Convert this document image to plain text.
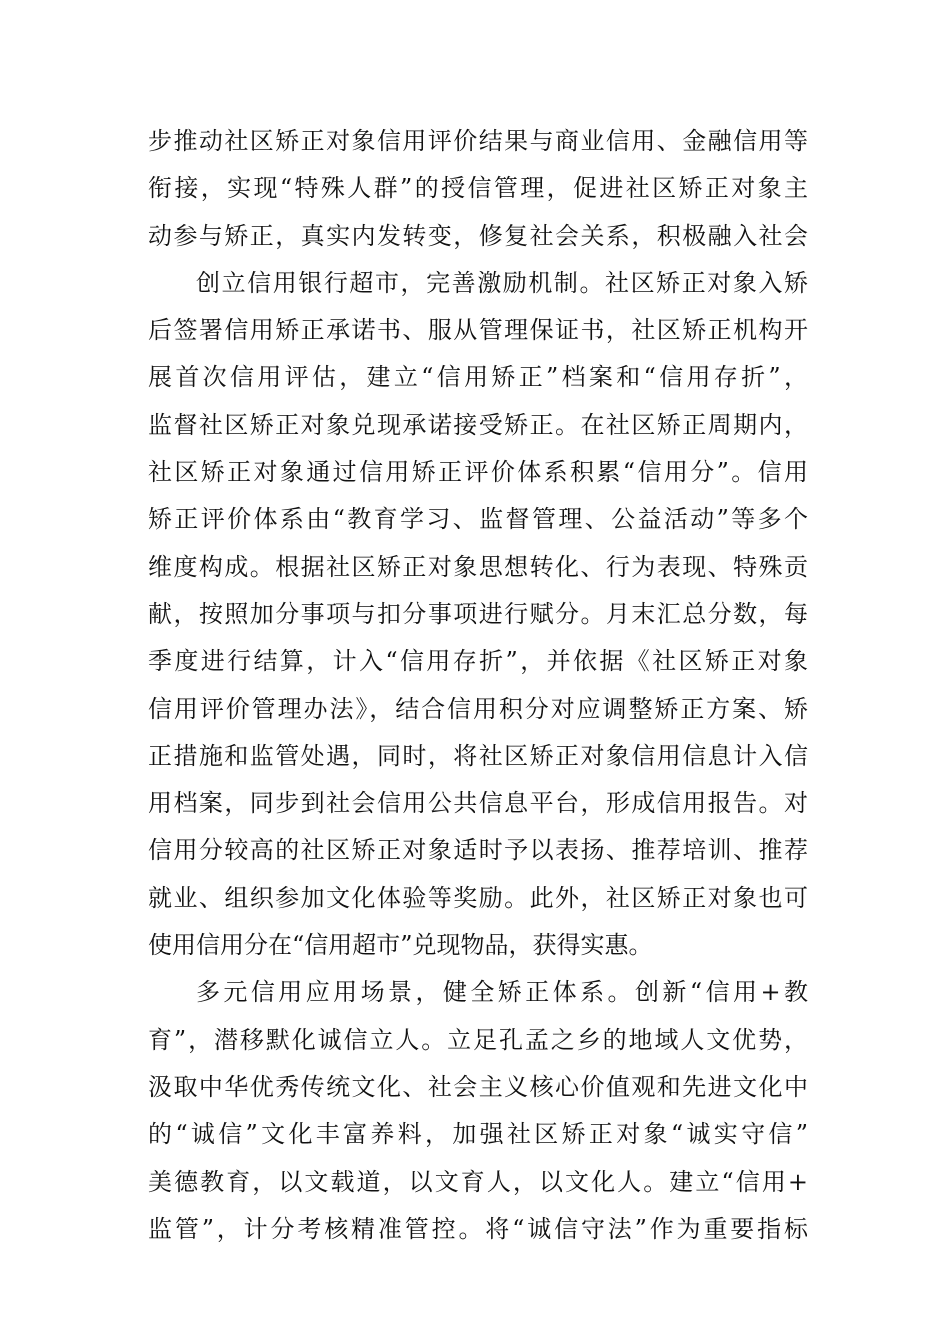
步推动社区矫正对象信用评价结果与商业信用、金融信用等
衔接，实现“特殊人群”的授信管理，促进社区矫正对象主
动参与矫正，真实内发转变，修复社会关系，积极融入社会
创立信用银行超市，完善激励机制。社区矫正对象入矫
后签署信用矫正承诺书、服从管理保证书，社区矫正机构开
展首次信用评估，建立“信用矫正”档案和“信用存折”，
监督社区矫正对象兑现承诺接受矫正。在社区矫正周期内，
社区矫正对象通过信用矫正评价体系积累“信用分”。信用
矫正评价体系由“教育学习、监督管理、公益活动”等多个
维度构成。根据社区矫正对象思想转化、行为表现、特殊贡
献，按照加分事项与扣分事项进行赋分。月末汇总分数，每
季度进行结算，计入“信用存折”，并依据《社区矫正对象
信用评价管理办法》，结合信用积分对应调整矫正方案、矫
正措施和监管处遇，同时，将社区矫正对象信用信息计入信
用档案，同步到社会信用公共信息平台，形成信用报告。对
信用分较高的社区矫正对象适时予以表扬、推荐培训、推荐
就业、组织参加文化体验等奖励。此外，社区矫正对象也可
使用信用分在“信用超市”兑现物品，获得实惠。
多元信用应用场景，健全矫正体系。创新“信用+教
育”，潜移默化诚信立人。立足孔孟之乡的地域人文优势，
汲取中华优秀传统文化、社会主义核心价值观和先进文化中
的“诚信”文化丰富养料，加强社区矫正对象“诚实守信”
美德教育，以文载道，以文育人，以文化人。建立“信用+
监管”，计分考核精准管控。将“诚信守法”作为重要指标
